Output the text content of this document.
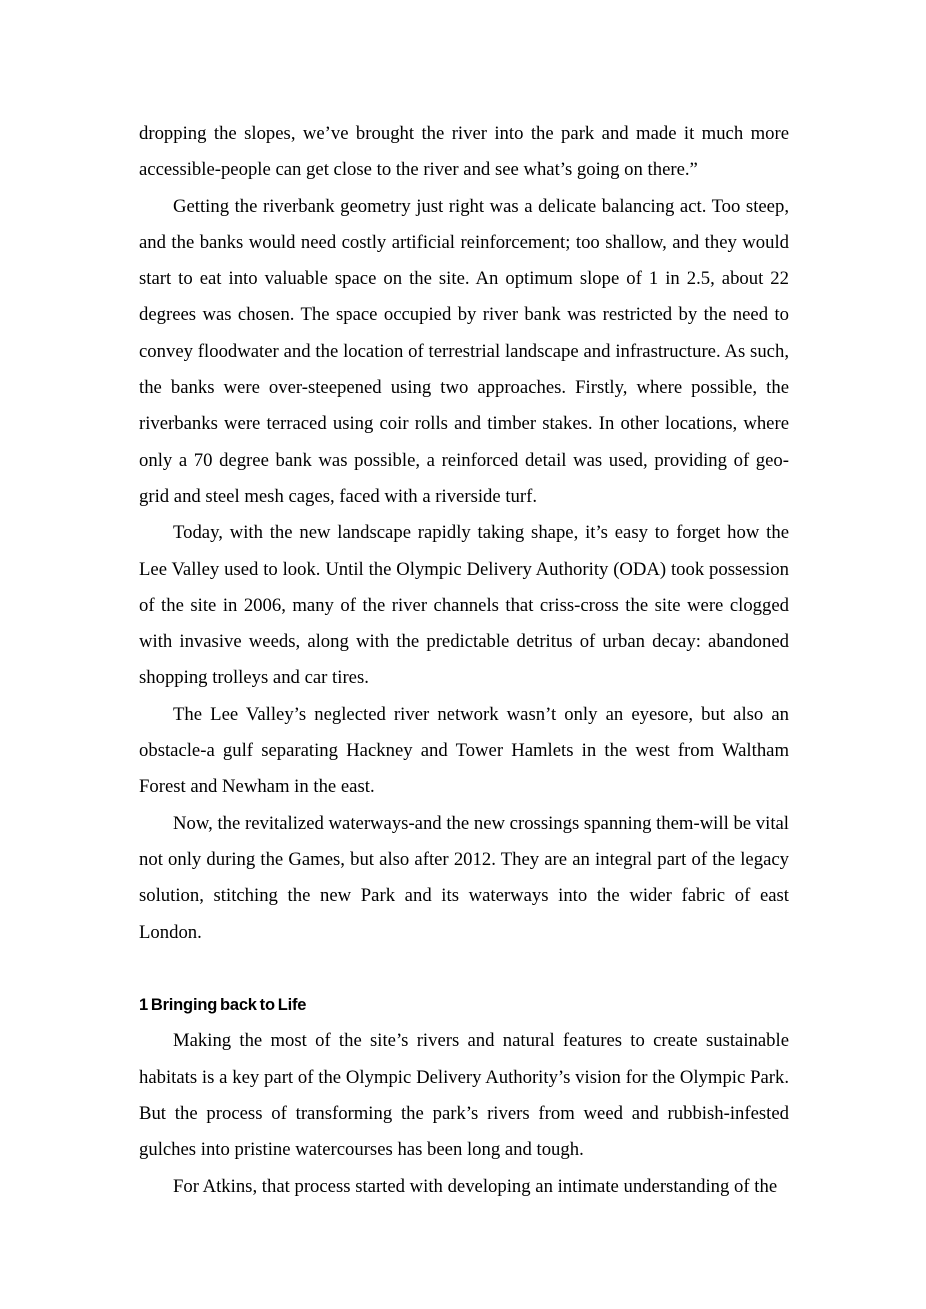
dropping the slopes, we’ve brought the river into the park and made it much more accessible-people can get close to the river and see what’s going on there.”

Getting the riverbank geometry just right was a delicate balancing act. Too steep, and the banks would need costly artificial reinforcement; too shallow, and they would start to eat into valuable space on the site. An optimum slope of 1 in 2.5, about 22 degrees was chosen. The space occupied by river bank was restricted by the need to convey floodwater and the location of terrestrial landscape and infrastructure. As such, the banks were over-steepened using two approaches. Firstly, where possible, the riverbanks were terraced using coir rolls and timber stakes. In other locations, where only a 70 degree bank was possible, a reinforced detail was used, providing of geo-grid and steel mesh cages, faced with a riverside turf.

Today, with the new landscape rapidly taking shape, it’s easy to forget how the Lee Valley used to look. Until the Olympic Delivery Authority (ODA) took possession of the site in 2006, many of the river channels that criss-cross the site were clogged with invasive weeds, along with the predictable detritus of urban decay: abandoned shopping trolleys and car tires.

The Lee Valley’s neglected river network wasn’t only an eyesore, but also an obstacle-a gulf separating Hackney and Tower Hamlets in the west from Waltham Forest and Newham in the east.

Now, the revitalized waterways-and the new crossings spanning them-will be vital not only during the Games, but also after 2012. They are an integral part of the legacy solution, stitching the new Park and its waterways into the wider fabric of east London.

1 Bringing back to Life

Making the most of the site’s rivers and natural features to create sustainable habitats is a key part of the Olympic Delivery Authority’s vision for the Olympic Park. But the process of transforming the park’s rivers from weed and rubbish-infested gulches into pristine watercourses has been long and tough.

For Atkins, that process started with developing an intimate understanding of the
